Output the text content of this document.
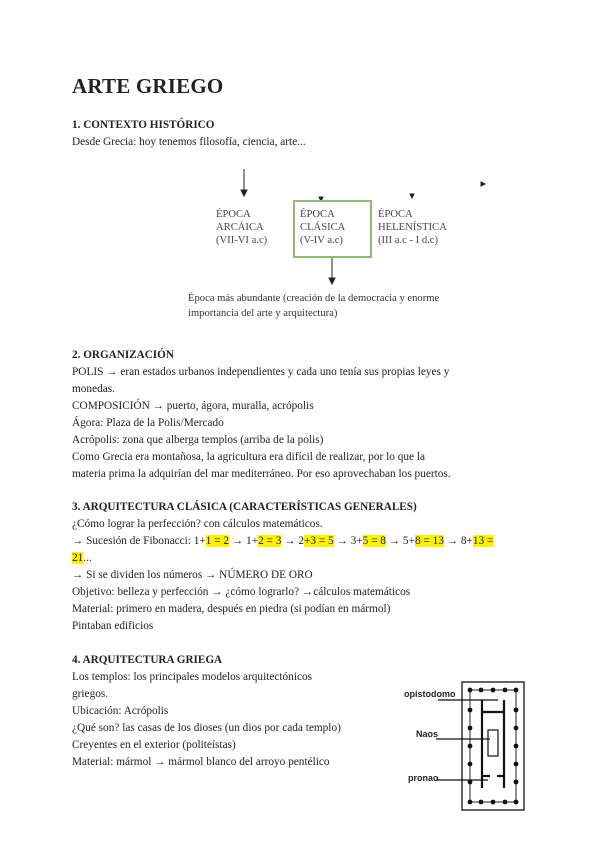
ARTE GRIEGO
1. CONTEXTO HISTÓRICO
Desde Grecia: hoy tenemos filosofía, ciencia, arte...
ÉPOCA
ARCÁICA
(VII-VI a.c)
ÉPOCA
CLÁSICA
(V-IV a.c)
ÉPOCA
HELENÍSTICA
(III a.c - I d.c)
Época más abundante (creación de la democracia y enorme
importancia del arte y arquitectura)
2. ORGANIZACIÓN
POLIS → eran estados urbanos independientes y cada uno tenía sus propias leyes y
monedas.
COMPOSICIÓN → puerto, ágora, muralla, acrópolis
Ágora: Plaza de la Polis/Mercado
Acrópolis: zona que alberga templos (arriba de la polis)
Como Grecia era montañosa, la agricultura era difícil de realizar, por lo que la
materia prima la adquirían del mar mediterráneo. Por eso aprovechaban los puertos.
3. ARQUITECTURA CLÁSICA (CARACTERÍSTICAS GENERALES)
¿Cómo lograr la perfección? con cálculos matemáticos.
→ Sucesión de Fibonacci: 1+1 = 2 → 1+2 = 3 → 2+3 = 5 → 3+5 = 8 → 5+8 = 13 → 8+13 =
21...
→ Si se dividen los números → NÚMERO DE ORO
Objetivo: belleza y perfección → ¿cómo lograrlo? →cálculos matemáticos
Material: primero en madera, después en piedra (si podían en mármol)
Pintaban edificios
4. ARQUITECTURA GRIEGA
Los templos: los principales modelos arquitectónicos
griegos.
Ubicación: Acrópolis
¿Qué son? las casas de los dioses (un dios por cada templo)
Creyentes en el exterior (politeístas)
Material: mármol → mármol blanco del arroyo pentélico
opistodomo
Naos
pronao
